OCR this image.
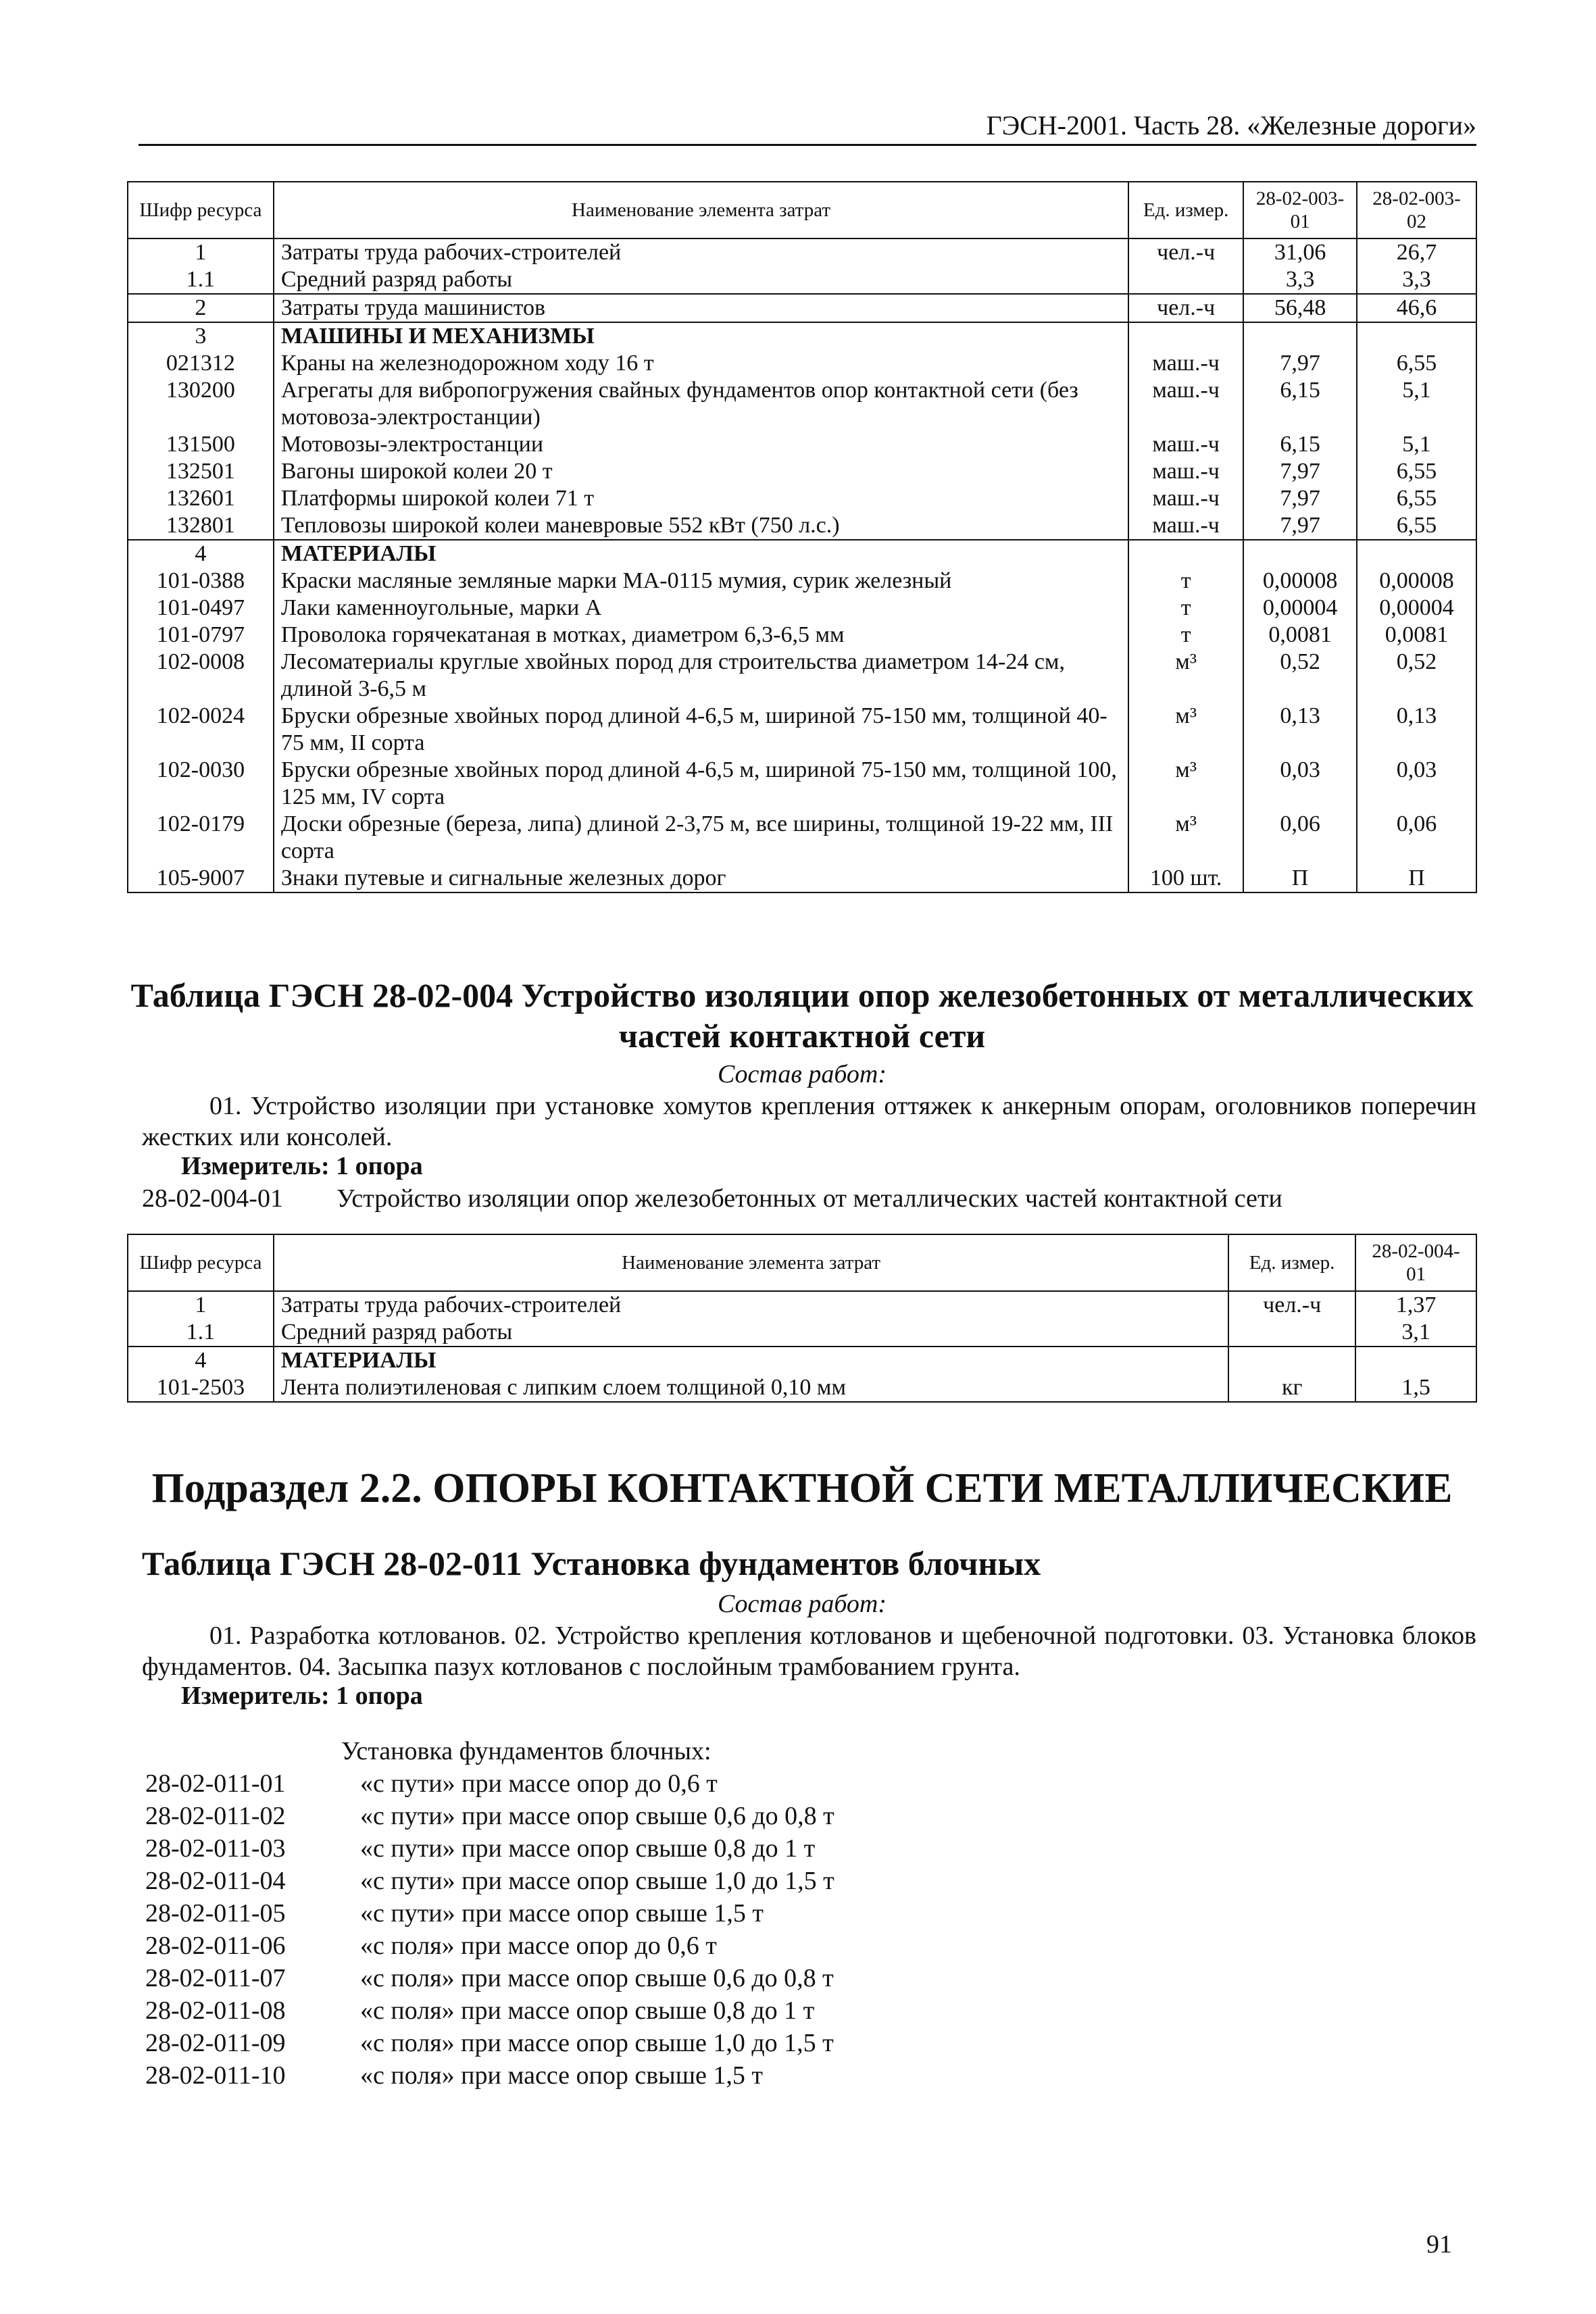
ГЭСН-2001. Часть 28. «Железные дороги»
Шифр ресурса	Наименование элемента затрат	Ед. измер.	28-02-003-01	28-02-003-02
1	Затраты труда рабочих-строителей	чел.-ч	31,06	26,7
1.1	Средний разряд работы		3,3	3,3
2	Затраты труда машинистов	чел.-ч	56,48	46,6
3	МАШИНЫ И МЕХАНИЗМЫ			
021312	Краны на железнодорожном ходу 16 т	маш.-ч	7,97	6,55
130200	Агрегаты для вибропогружения свайных фундаментов опор контактной сети (без мотовоза-электростанции)	маш.-ч	6,15	5,1
131500	Мотовозы-электростанции	маш.-ч	6,15	5,1
132501	Вагоны широкой колеи 20 т	маш.-ч	7,97	6,55
132601	Платформы широкой колеи 71 т	маш.-ч	7,97	6,55
132801	Тепловозы широкой колеи маневровые 552 кВт (750 л.с.)	маш.-ч	7,97	6,55
4	МАТЕРИАЛЫ			
101-0388	Краски масляные земляные марки МА-0115 мумия, сурик железный	т	0,00008	0,00008
101-0497	Лаки каменноугольные, марки А	т	0,00004	0,00004
101-0797	Проволока горячекатаная в мотках, диаметром 6,3-6,5 мм	т	0,0081	0,0081
102-0008	Лесоматериалы круглые хвойных пород для строительства диаметром 14-24 см, длиной 3-6,5 м	м³	0,52	0,52
102-0024	Бруски обрезные хвойных пород длиной 4-6,5 м, шириной 75-150 мм, толщиной 40-75 мм, II сорта	м³	0,13	0,13
102-0030	Бруски обрезные хвойных пород длиной 4-6,5 м, шириной 75-150 мм, толщиной 100, 125 мм, IV сорта	м³	0,03	0,03
102-0179	Доски обрезные (береза, липа) длиной 2-3,75 м, все ширины, толщиной 19-22 мм, III сорта	м³	0,06	0,06
105-9007	Знаки путевые и сигнальные железных дорог	100 шт.	П	П
Таблица ГЭСН 28-02-004 Устройство изоляции опор железобетонных от металлических
частей контактной сети
Состав работ:
01. Устройство изоляции при установке хомутов крепления оттяжек к анкерным опорам, оголовников поперечин жестких или консолей.
Измеритель: 1 опора
28-02-004-01 Устройство изоляции опор железобетонных от металлических частей контактной сети
Шифр ресурса	Наименование элемента затрат	Ед. измер.	28-02-004-01
1	Затраты труда рабочих-строителей	чел.-ч	1,37
1.1	Средний разряд работы		3,1
4	МАТЕРИАЛЫ		
101-2503	Лента полиэтиленовая с липким слоем толщиной 0,10 мм	кг	1,5
Подраздел 2.2. ОПОРЫ КОНТАКТНОЙ СЕТИ МЕТАЛЛИЧЕСКИЕ
Таблица ГЭСН 28-02-011 Установка фундаментов блочных
Состав работ:
01. Разработка котлованов. 02. Устройство крепления котлованов и щебеночной подготовки. 03. Установка блоков фундаментов. 04. Засыпка пазух котлованов с послойным трамбованием грунта.
Измеритель: 1 опора
Установка фундаментов блочных:
28-02-011-01	«с пути» при массе опор до 0,6 т
28-02-011-02	«с пути» при массе опор свыше 0,6 до 0,8 т
28-02-011-03	«с пути» при массе опор свыше 0,8 до 1 т
28-02-011-04	«с пути» при массе опор свыше 1,0 до 1,5 т
28-02-011-05	«с пути» при массе опор свыше 1,5 т
28-02-011-06	«с поля» при массе опор до 0,6 т
28-02-011-07	«с поля» при массе опор свыше 0,6 до 0,8 т
28-02-011-08	«с поля» при массе опор свыше 0,8 до 1 т
28-02-011-09	«с поля» при массе опор свыше 1,0 до 1,5 т
28-02-011-10	«с поля» при массе опор свыше 1,5 т
91
